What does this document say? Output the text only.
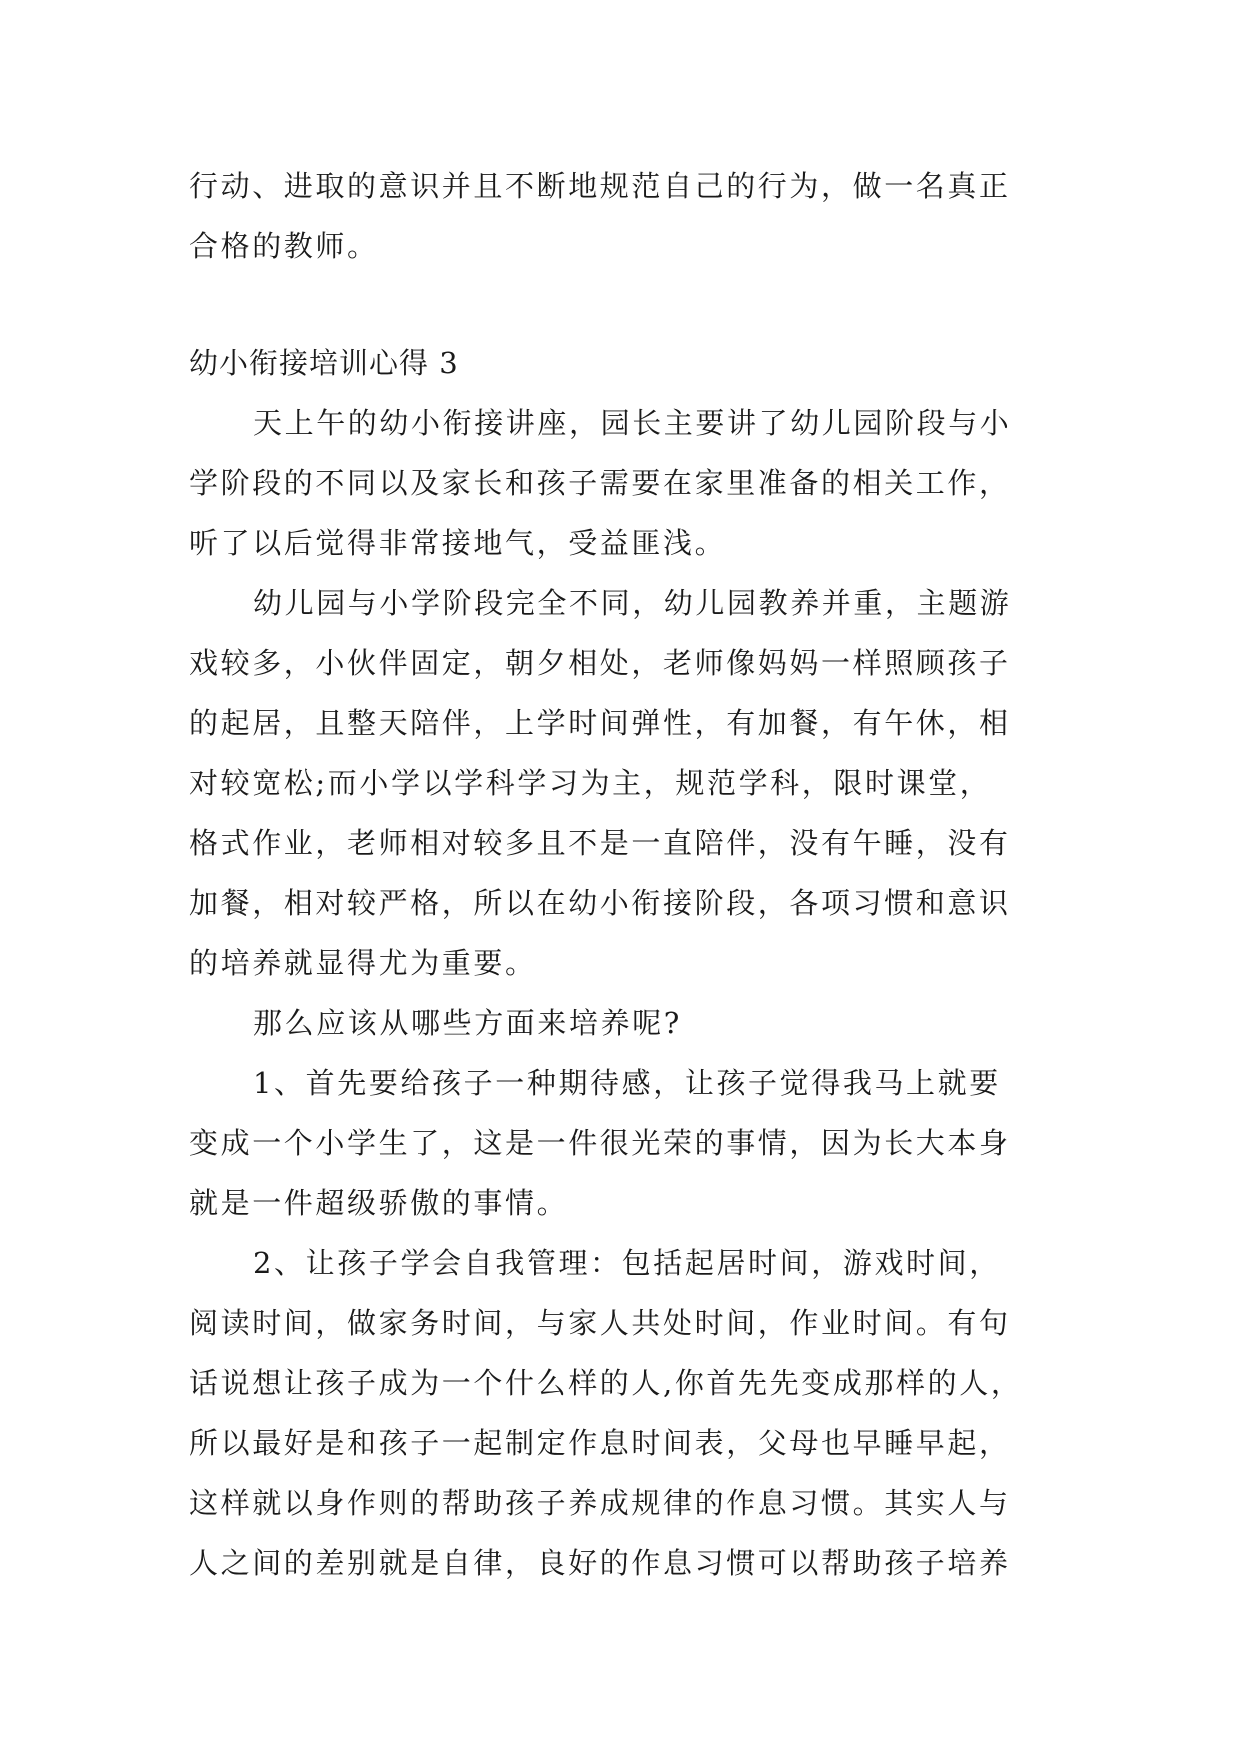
行动、进取的意识并且不断地规范自己的行为，做一名真正
合格的教师。
幼小衔接培训心得 3
天上午的幼小衔接讲座，园长主要讲了幼儿园阶段与小
学阶段的不同以及家长和孩子需要在家里准备的相关工作，
听了以后觉得非常接地气，受益匪浅。
幼儿园与小学阶段完全不同，幼儿园教养并重，主题游
戏较多，小伙伴固定，朝夕相处，老师像妈妈一样照顾孩子
的起居，且整天陪伴，上学时间弹性，有加餐，有午休，相
对较宽松;而小学以学科学习为主，规范学科，限时课堂，
格式作业，老师相对较多且不是一直陪伴，没有午睡，没有
加餐，相对较严格，所以在幼小衔接阶段，各项习惯和意识
的培养就显得尤为重要。
那么应该从哪些方面来培养呢?
1、首先要给孩子一种期待感，让孩子觉得我马上就要
变成一个小学生了，这是一件很光荣的事情，因为长大本身
就是一件超级骄傲的事情。
2、让孩子学会自我管理：包括起居时间，游戏时间，
阅读时间，做家务时间，与家人共处时间，作业时间。有句
话说想让孩子成为一个什么样的人,你首先先变成那样的人，
所以最好是和孩子一起制定作息时间表，父母也早睡早起，
这样就以身作则的帮助孩子养成规律的作息习惯。其实人与
人之间的差别就是自律，良好的作息习惯可以帮助孩子培养
